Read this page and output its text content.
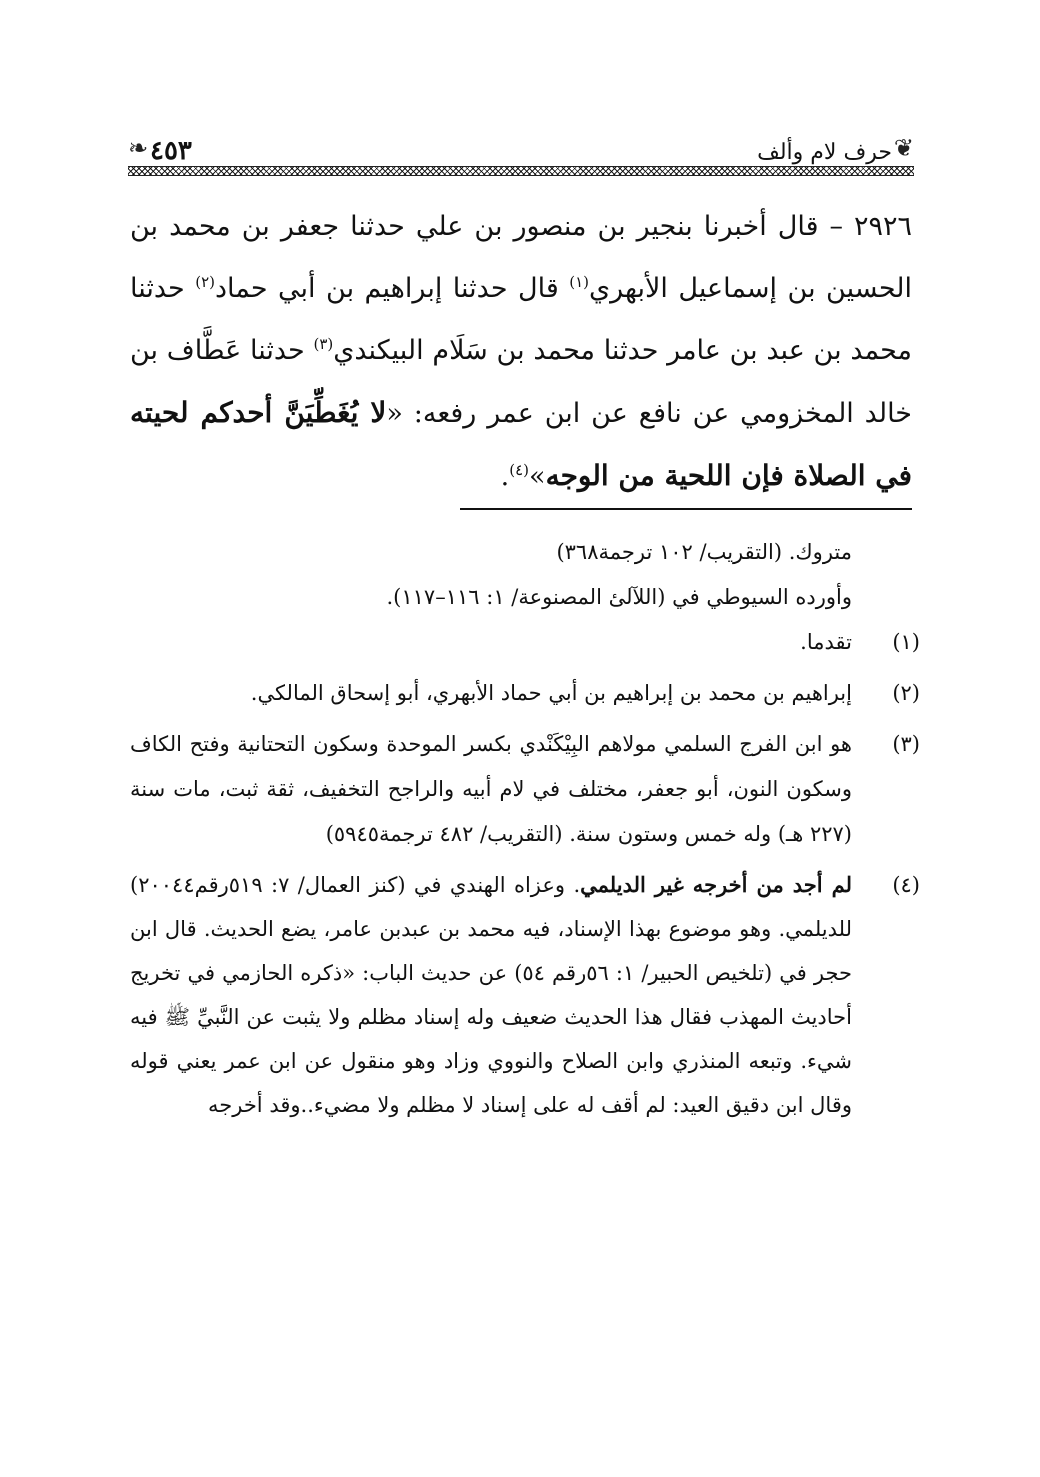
❦
حرف لام وألف
٤٥٣
❧

٢٩٢٦ – قال أخبرنا بنجير بن منصور بن علي حدثنا جعفر بن محمد بن الحسين بن إسماعيل الأبهري$^{(١)}$ قال حدثنا إبراهيم بن أبي حماد$^{(٢)}$ حدثنا محمد بن عبد بن عامر حدثنا محمد بن سَلَام البيكندي$^{(٣)}$ حدثنا عَطَّاف بن خالد المخزومي عن نافع عن ابن عمر رفعه: «لا يُغَطِّيَنَّ أحدكم لحيته في الصلاة فإن اللحية من الوجه»$^{(٤)}$.

متروك. (التقريب/ ١٠٢ ترجمة٣٦٨)

وأورده السيوطي في (اللآلئ المصنوعة/ ١: ١١٦–١١٧).

(١)
تقدما.
(٢)
إبراهيم بن محمد بن إبراهيم بن أبي حماد الأبهري، أبو إسحاق المالكي.
(٣)
هو ابن الفرج السلمي مولاهم البِيْكَنْدي بكسر الموحدة وسكون التحتانية وفتح الكاف وسكون النون، أبو جعفر، مختلف في لام أبيه والراجح التخفيف، ثقة ثبت، مات سنة (٢٢٧ هـ) وله خمس وستون سنة. (التقريب/ ٤٨٢ ترجمة٥٩٤٥)
(٤)
لم أجد من أخرجه غير الديلمي. وعزاه الهندي في (كنز العمال/ ٧: ٥١٩رقم٢٠٠٤٤) للديلمي. وهو موضوع بهذا الإسناد، فيه محمد بن عبدبن عامر، يضع الحديث. قال ابن حجر في (تلخيص الحبير/ ١: ٥٦رقم ٥٤) عن حديث الباب: «ذكره الحازمي في تخريج أحاديث المهذب فقال هذا الحديث ضعيف وله إسناد مظلم ولا يثبت عن النَّبيِّ ﷺ فيه شيء. وتبعه المنذري وابن الصلاح والنووي وزاد وهو منقول عن ابن عمر يعني قوله وقال ابن دقيق العيد: لم أقف له على إسناد لا مظلم ولا مضيء..وقد أخرجه
